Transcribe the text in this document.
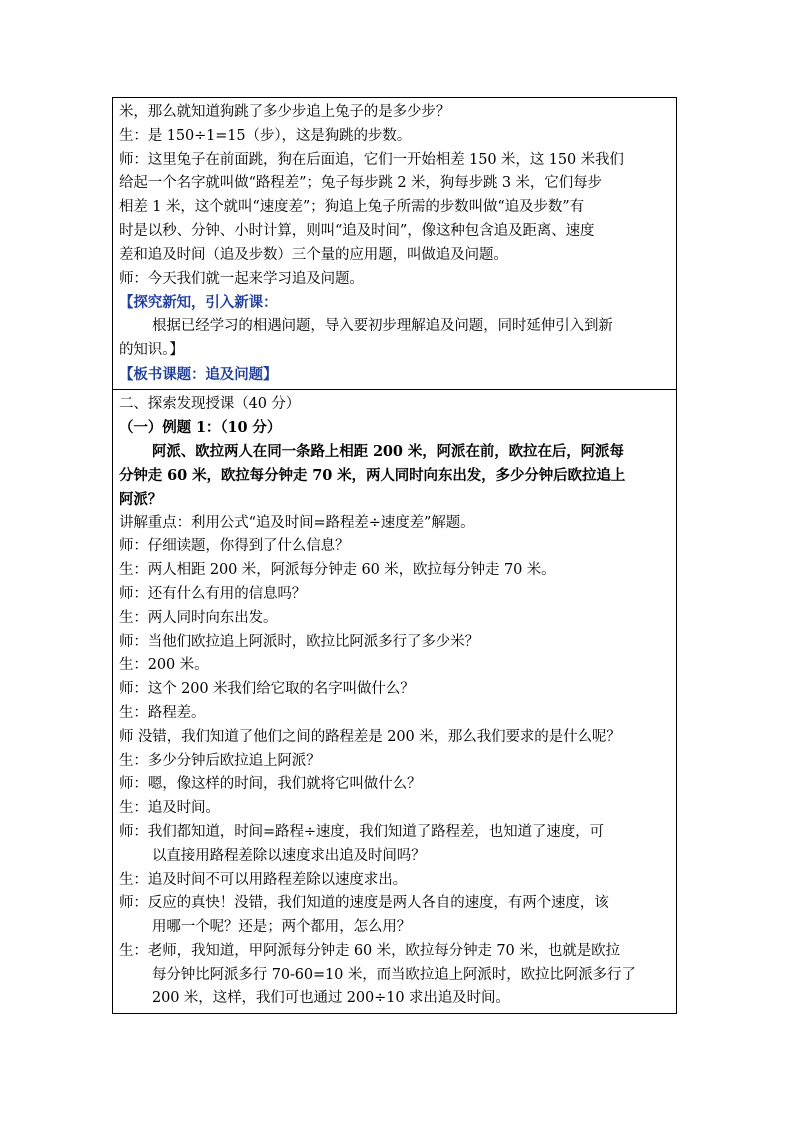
米，那么就知道狗跳了多少步追上兔子的是多少步？
生：是 150÷1=15（步），这是狗跳的步数。
师：这里兔子在前面跳，狗在后面追，它们一开始相差 150 米，这 150 米我们
给起一个名字就叫做“路程差”；兔子每步跳 2 米，狗每步跳 3 米，它们每步
相差 1 米，这个就叫“速度差”；狗追上兔子所需的步数叫做“追及步数”有
时是以秒、分钟、小时计算，则叫“追及时间”，像这种包含追及距离、速度
差和追及时间（追及步数）三个量的应用题，叫做追及问题。
师：今天我们就一起来学习追及问题。
【探究新知，引入新课：
根据已经学习的相遇问题，导入要初步理解追及问题，同时延伸引入到新
的知识。】
【板书课题：追及问题】
二、探索发现授课（40 分）
（一）例题 1：（10 分）
阿派、欧拉两人在同一条路上相距 200 米，阿派在前，欧拉在后，阿派每
分钟走 60 米，欧拉每分钟走 70 米，两人同时向东出发，多少分钟后欧拉追上
阿派？
讲解重点：利用公式“追及时间=路程差÷速度差”解题。
师：仔细读题，你得到了什么信息？
生：两人相距 200 米，阿派每分钟走 60 米，欧拉每分钟走 70 米。
师：还有什么有用的信息吗？
生：两人同时向东出发。
师：当他们欧拉追上阿派时，欧拉比阿派多行了多少米？
生：200 米。
师：这个 200 米我们给它取的名字叫做什么？
生：路程差。
师 没错，我们知道了他们之间的路程差是 200 米，那么我们要求的是什么呢？
生：多少分钟后欧拉追上阿派？
师：嗯，像这样的时间，我们就将它叫做什么？
生：追及时间。
师：我们都知道，时间=路程÷速度，我们知道了路程差，也知道了速度，可
以直接用路程差除以速度求出追及时间吗？
生：追及时间不可以用路程差除以速度求出。
师：反应的真快！没错，我们知道的速度是两人各自的速度，有两个速度，该
用哪一个呢？还是；两个都用，怎么用？
生：老师，我知道，甲阿派每分钟走 60 米，欧拉每分钟走 70 米，也就是欧拉
每分钟比阿派多行 70-60=10 米，而当欧拉追上阿派时，欧拉比阿派多行了
200 米，这样，我们可也通过 200÷10 求出追及时间。
